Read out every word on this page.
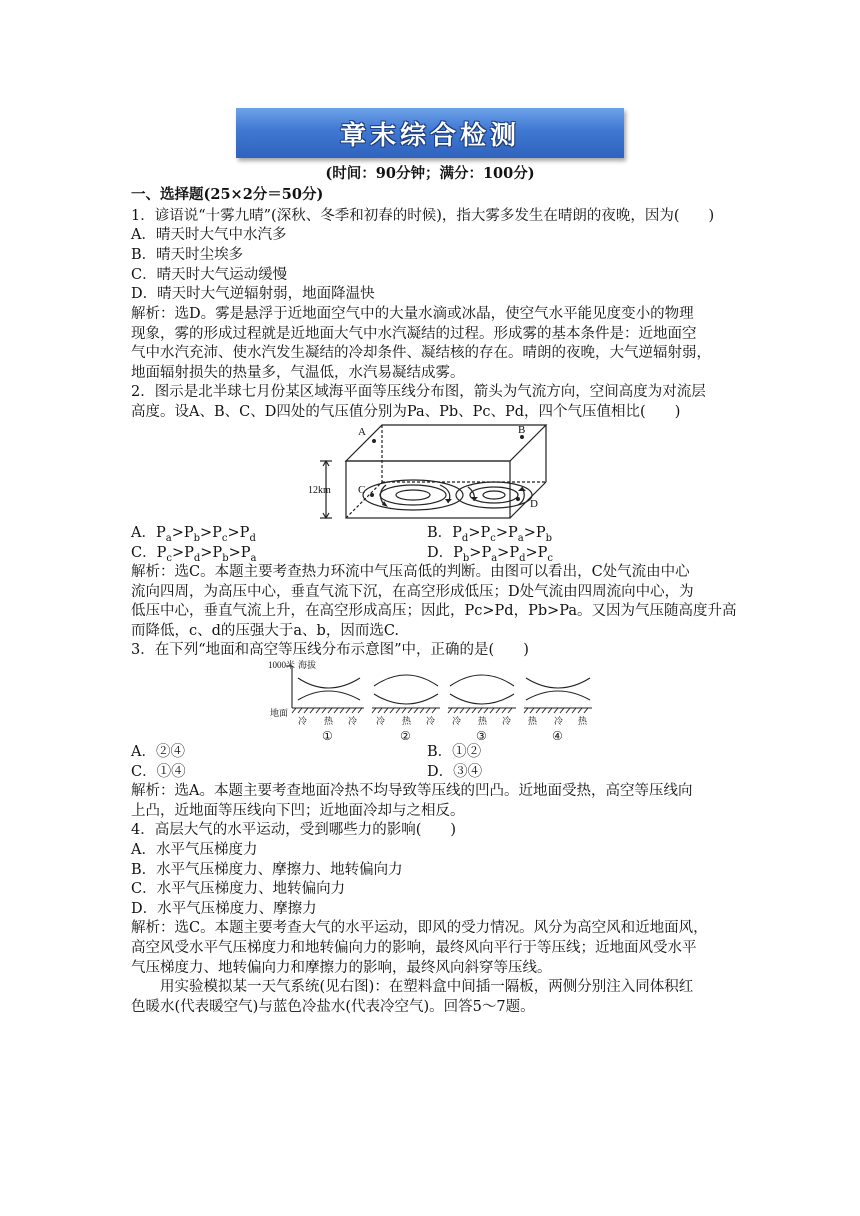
章末综合检测
(时间：90分钟；满分：100分)
一、选择题(25×2分＝50分)
1．谚语说“十雾九晴”(深秋、冬季和初春的时候)，指大雾多发生在晴朗的夜晚，因为(　　)
A．晴天时大气中水汽多
B．晴天时尘埃多
C．晴天时大气运动缓慢
D．晴天时大气逆辐射弱，地面降温快
解析：选D。雾是悬浮于近地面空气中的大量水滴或冰晶，使空气水平能见度变小的物理
现象，雾的形成过程就是近地面大气中水汽凝结的过程。形成雾的基本条件是：近地面空
气中水汽充沛、使水汽发生凝结的冷却条件、凝结核的存在。晴朗的夜晚，大气逆辐射弱，
地面辐射损失的热量多，气温低，水汽易凝结成雾。
2．图示是北半球七月份某区域海平面等压线分布图，箭头为气流方向，空间高度为对流层
高度。设A、B、C、D四处的气压值分别为Pa、Pb、Pc、Pd，四个气压值相比(　　)
A	B
C
D
12km
A．$P_a>P_b>P_c>P_d$	B．$P_d>P_c>P_a>P_b$
C．$P_c>P_d>P_b>P_a$	D．$P_b>P_a>P_d>P_c$
解析：选C。本题主要考查热力环流中气压高低的判断。由图可以看出，C处气流由中心
流向四周，为高压中心，垂直气流下沉，在高空形成低压；D处气流由四周流向中心，为
低压中心，垂直气流上升，在高空形成高压；因此，Pc>Pd，Pb>Pa。又因为气压随高度升高
而降低，c、d的压强大于a、b，因而选C.
3．在下列“地面和高空等压线分布示意图”中，正确的是(　　)
1000米 海拔
地面
冷 热 冷 冷 热 冷 冷 热 冷 热 冷 热
①	②	③	④
A．②④	B．①②
C．①④	D．③④
解析：选A。本题主要考查地面冷热不均导致等压线的凹凸。近地面受热，高空等压线向
上凸，近地面等压线向下凹；近地面冷却与之相反。
4．高层大气的水平运动，受到哪些力的影响(　　)
A．水平气压梯度力
B．水平气压梯度力、摩擦力、地转偏向力
C．水平气压梯度力、地转偏向力
D．水平气压梯度力、摩擦力
解析：选C。本题主要考查大气的水平运动，即风的受力情况。风分为高空风和近地面风，
高空风受水平气压梯度力和地转偏向力的影响，最终风向平行于等压线；近地面风受水平
气压梯度力、地转偏向力和摩擦力的影响，最终风向斜穿等压线。
　　用实验模拟某一天气系统(见右图)：在塑料盒中间插一隔板，两侧分别注入同体积红
色暖水(代表暖空气)与蓝色冷盐水(代表冷空气)。回答5～7题。
